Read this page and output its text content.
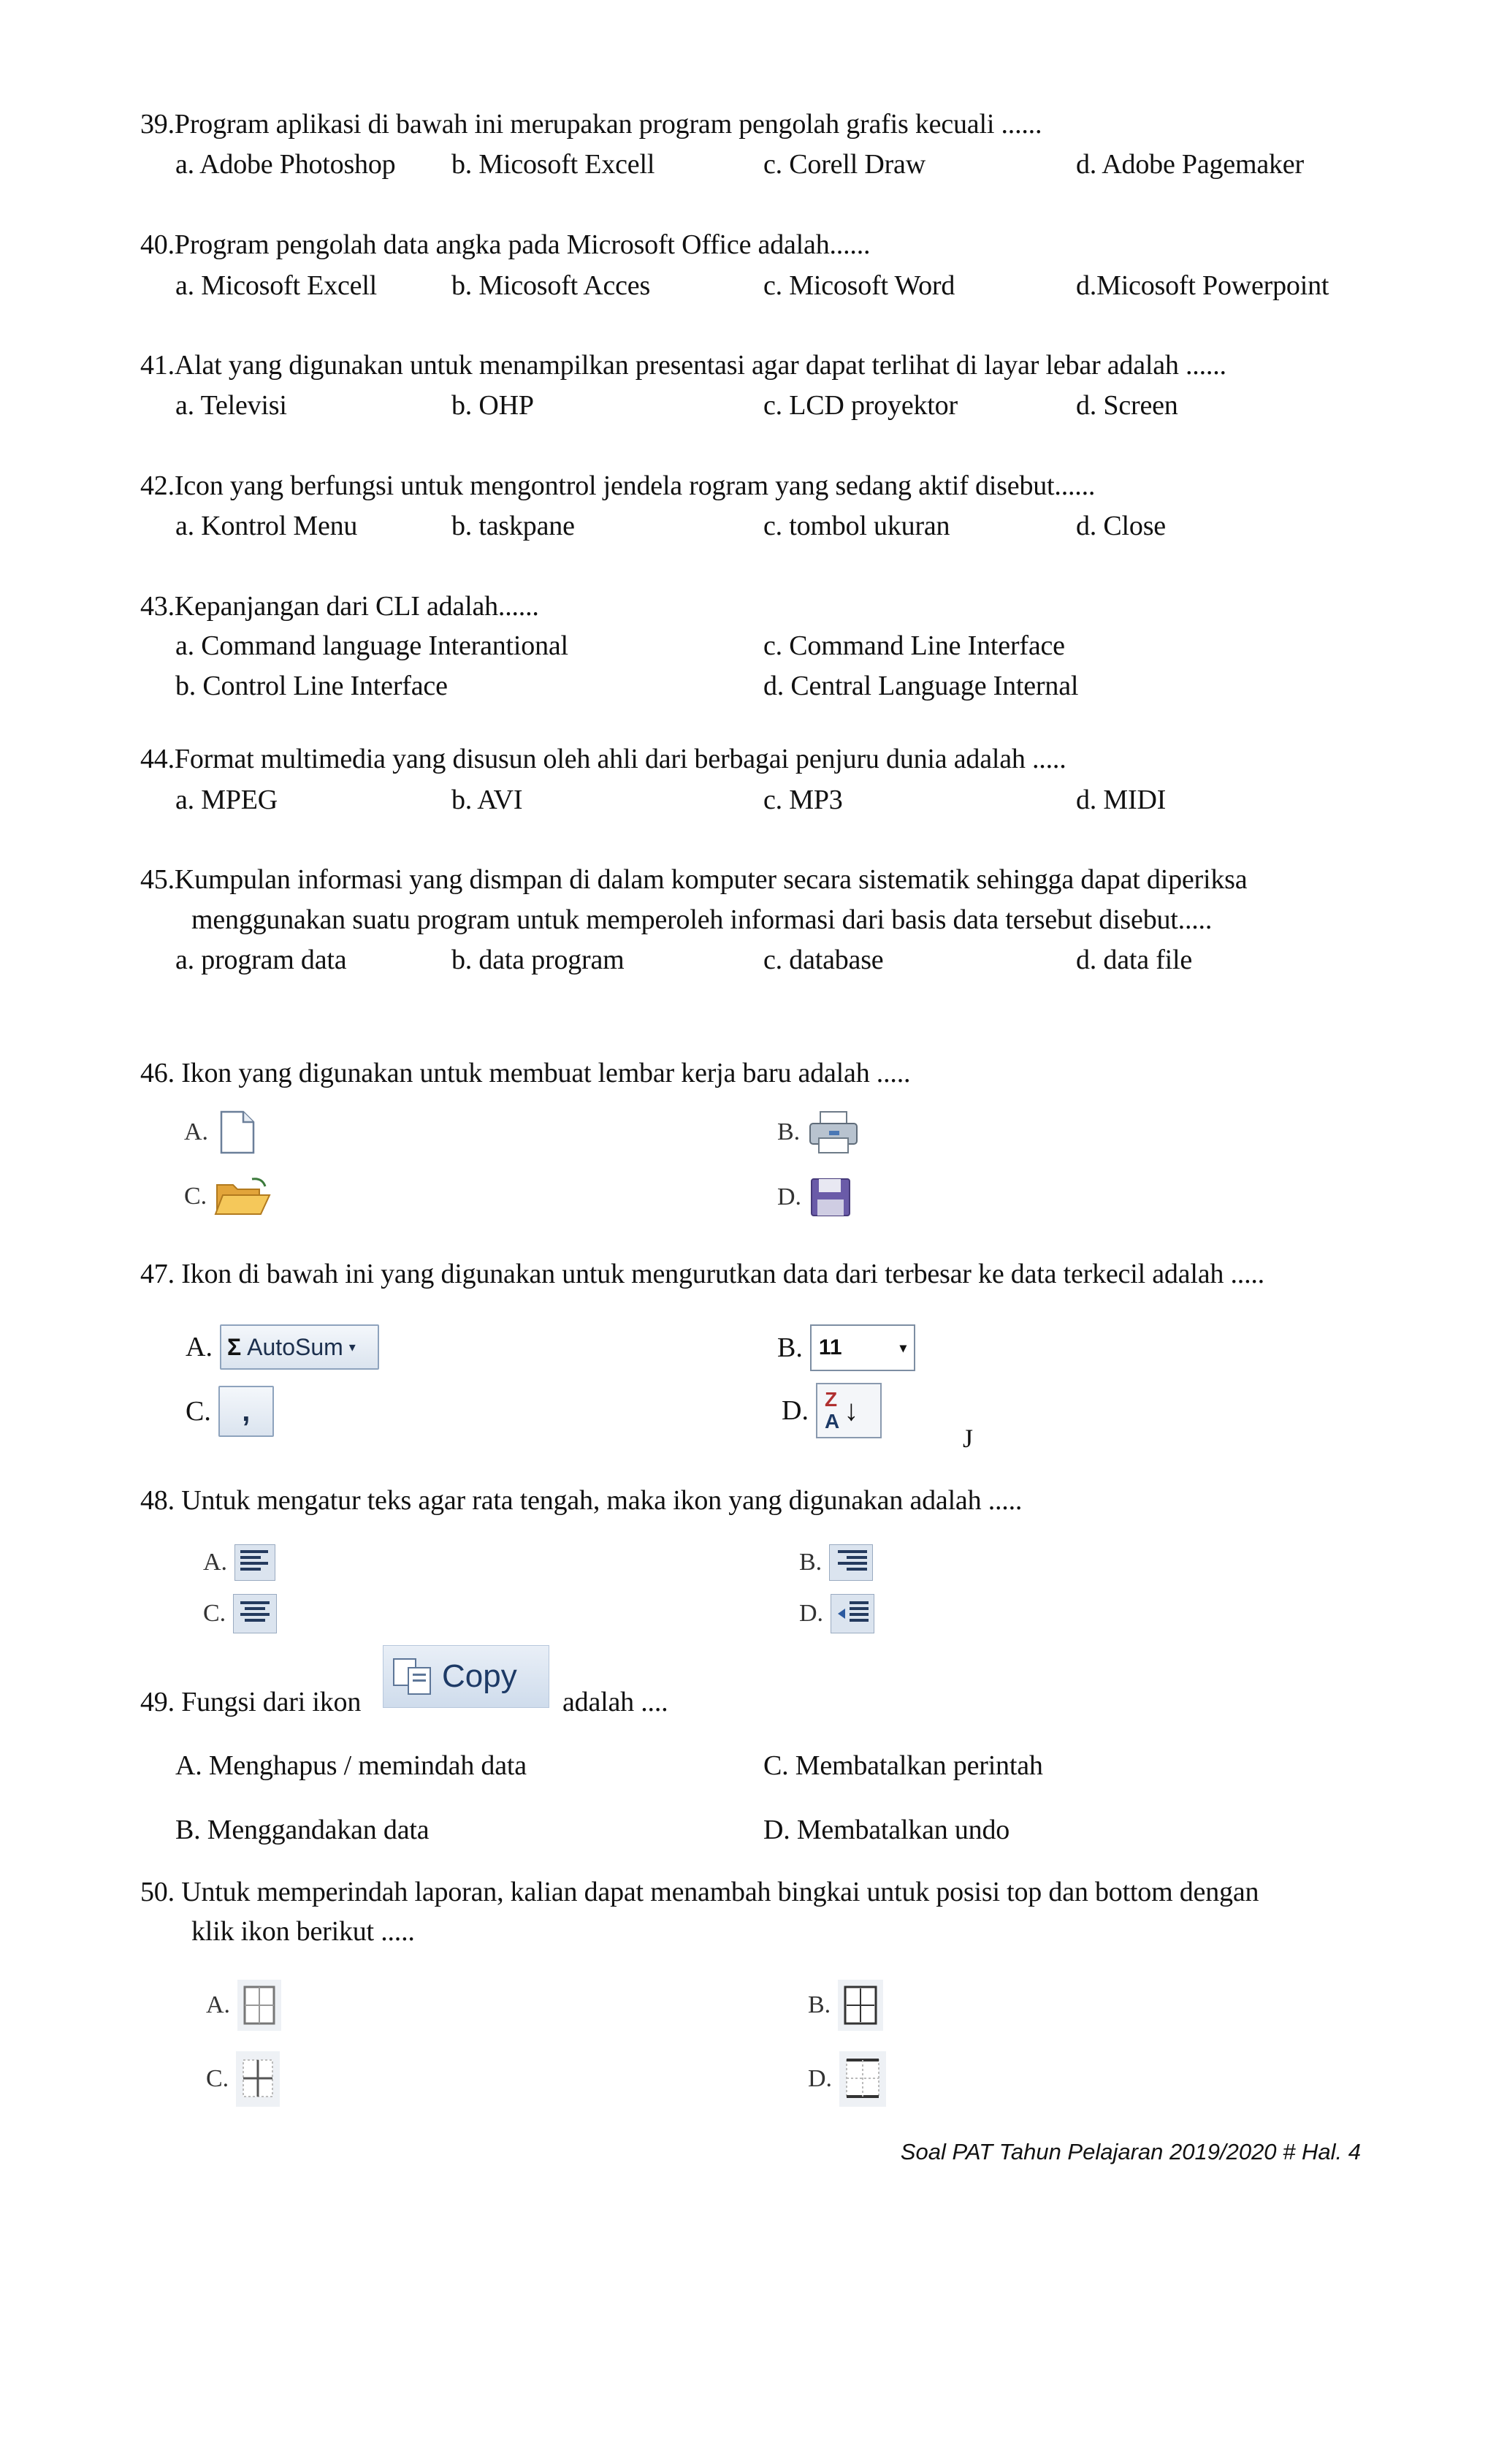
39.Program aplikasi di bawah ini merupakan program pengolah grafis kecuali ......
a. Adobe Photoshop b. Micosoft Excell	c. Corell Draw	d. Adobe Pagemaker
40.Program pengolah data angka pada Microsoft Office adalah......
a. Micosoft Excell	b. Micosoft Acces	c. Micosoft Word	d.Micosoft Powerpoint
41.Alat yang digunakan untuk menampilkan presentasi agar dapat terlihat di layar lebar adalah ......
a. Televisi	b. OHP	c. LCD proyektor	d. Screen
42.Icon yang berfungsi untuk mengontrol jendela rogram yang sedang aktif disebut......
a. Kontrol Menu	b. taskpane	c. tombol ukuran	d. Close
43.Kepanjangan dari CLI adalah......
a. Command language Interantional	c. Command Line Interface
b. Control Line Interface	d. Central Language Internal
44.Format multimedia yang disusun oleh ahli dari berbagai penjuru dunia adalah .....
a. MPEG	b. AVI	c. MP3	d. MIDI
45.Kumpulan informasi yang dismpan di dalam komputer secara sistematik sehingga dapat diperiksa
menggunakan suatu program untuk memperoleh informasi dari basis data tersebut disebut.....
a. program data	b. data program	c. database	d. data file
46. Ikon yang digunakan untuk membuat lembar kerja baru adalah .....
A.	B.
C.	D.
47. Ikon di bawah ini yang digunakan untuk mengurutkan data dari terbesar ke data terkecil adalah .....
A. Σ AutoSum ▾	B. 11	▾
C. ,	D. Z
A ↓
J
48. Untuk mengatur teks agar rata tengah, maka ikon yang digunakan adalah .....
A.	B.
C.	D.
49. Fungsi dari ikon
Copy
adalah ....
A. Menghapus / memindah data	C. Membatalkan perintah
B. Menggandakan data	D. Membatalkan undo
50. Untuk memperindah laporan, kalian dapat menambah bingkai untuk posisi top dan bottom dengan
klik ikon berikut .....
A.	B.
C.	D.
Soal PAT Tahun Pelajaran 2019/2020 # Hal. 4
